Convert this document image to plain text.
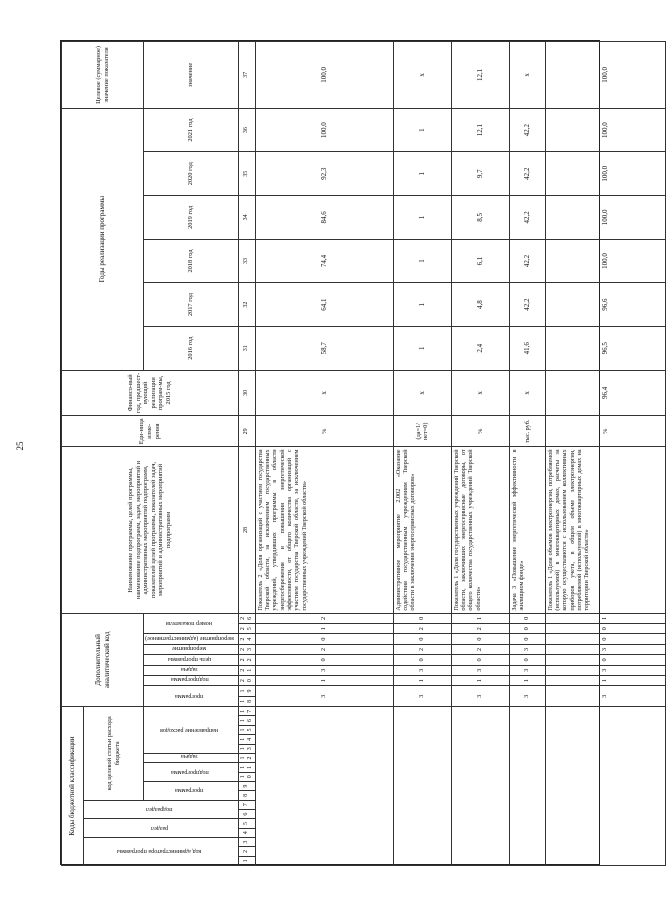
25
Коды бюджетной классификации																	Дополнительный аналитический код									Наименование программы, целей программы, наименование подпрограмм, задач, мероприятий и административных мероприятий подпрограмм, показателей целей программы, показателей задач, мероприятий и административных мероприятий подпрограмм	Еди-ница изме-рения	Финансо-вый год, предшест-вующий реализации програм-мы, 2015 год	Годы реализации программы						Целевое (суммарное) значение показателя
код администратора программы			раздел		подраздел		код целевой статьи расхода бюджета																												
							программа		подпрограмма		задача	направление расходов					программа		подпрограмма	задача	цель программы	мероприятие	мероприятие (административное)	номер показателя					2016 год	2017 год	2018 год	2019 год	2020 год	2021 год	значение
1	2	3	4	5	6	7	8	9	10	11	12	13	14	15	16	17	18	19	20	21	22	23	24	25	26	28	29	30	31	32	33	34	35	36	37
																	3		1	3	0	2	0	1	2	Показатель 2 «Доля организаций с участием государства Тверской области, за исключением государственных учреждений, утвердивших программы в области энергосбережения и повышения энергетической эффективности, от общего количества организаций с участием государства Тверской области, за исключением государственных учреждений Тверской области»	%	x	58,7	64,1	74,4	84,6	92,3	100,0	100,0
																	3		1	3	0	2	0	2	0	Административное мероприятие 2.002 «Оказание содействия государственным учреждениям Тверской области в заключении энергосервисных договоров»	(да=1/нет=0)	x	1	1	1	1	1	1	x
																	3		1	3	0	2	0	2	1	Показатель 1 «Доля государственных учреждений Тверской области, заключивших энергосервисные договоры, от общего количества государственных учреждений Тверской области»	%	x	2,4	4,8	6,1	8,5	9,7	12,1	12,1
																	3		1	3	0	3	0	0	0	Задача 3 «Повышение энергетической эффективности в жилищном фонде»	тыс. руб.	x	41,6	42,2	42,2	42,2	42,2	42,2	x
																	3		1	3	0	3	0	0	1	Показатель 1 «Доля объемов электроэнергии, потребляемой (используемой) в многоквартирных домах, расчеты за которую осуществляются с использованием коллективных приборов учета, в общем объеме электроэнергии, потребляемой (используемой) в многоквартирных домах на территории Тверской области»	%	96,4	96,5	96,6	100,0	100,0	100,0	100,0	100,0
